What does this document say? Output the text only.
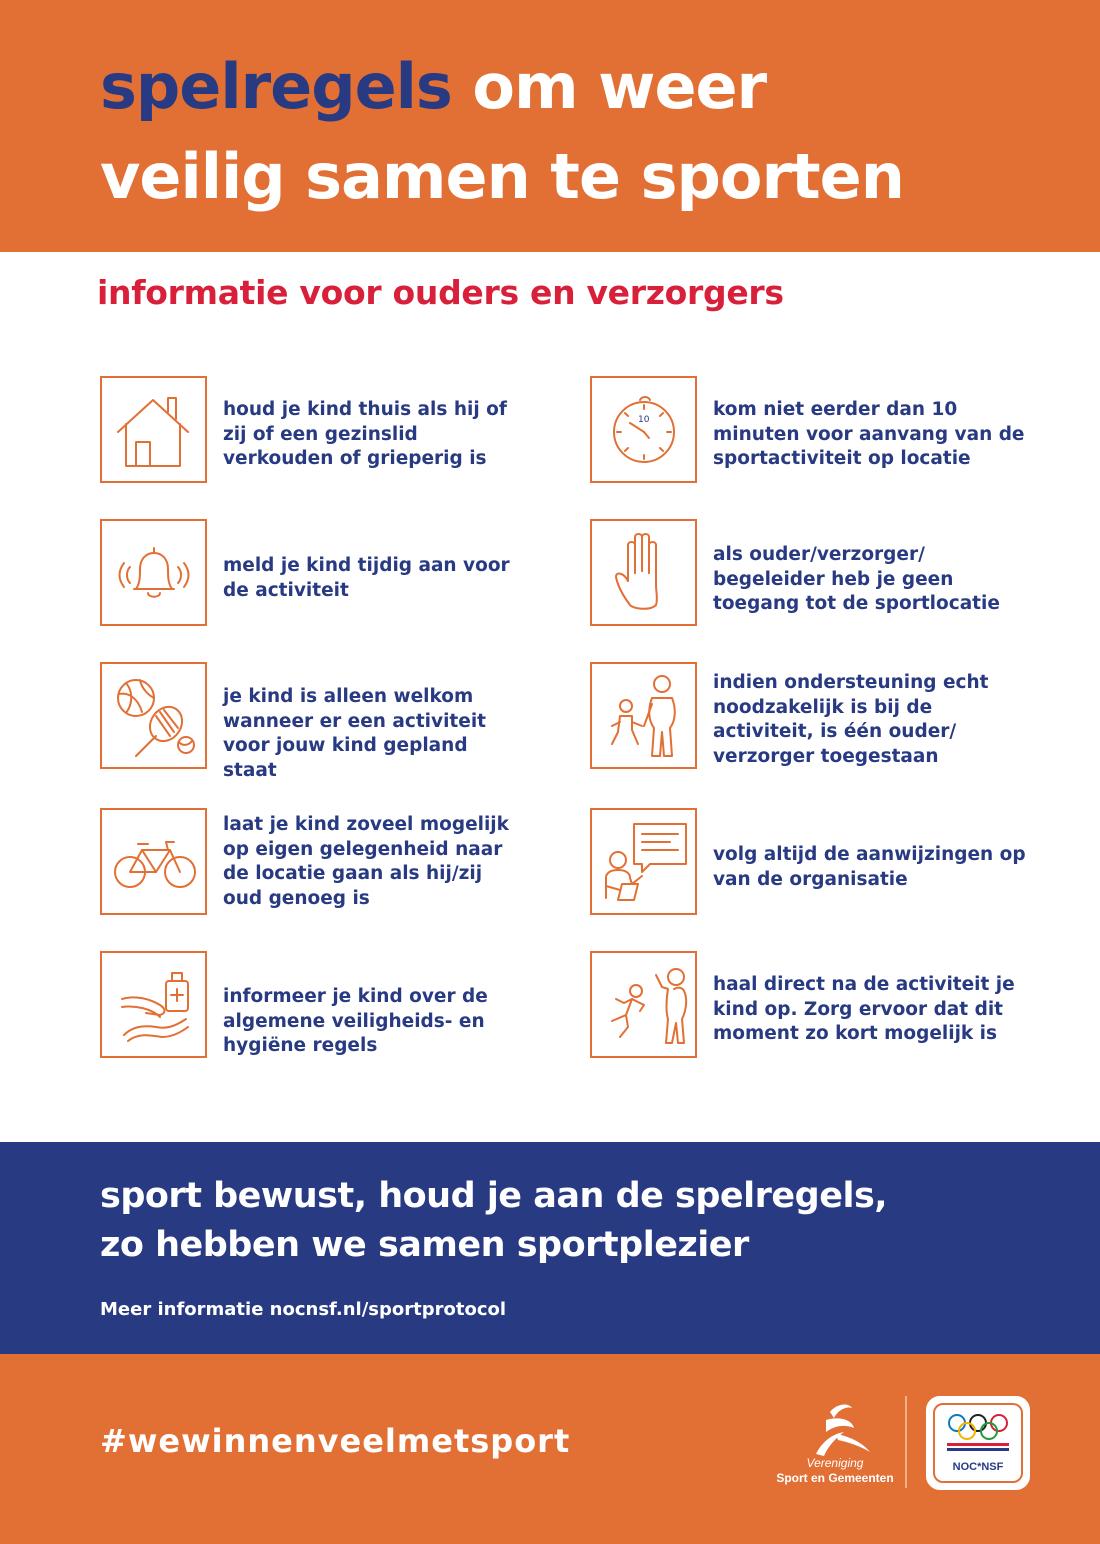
spelregels om weer
veilig samen te sporten
informatie voor ouders en verzorgers
houd je kind thuis als hij of zij of een gezinslid verkouden of grieperig is
meld je kind tijdig aan voor de activiteit
je kind is alleen welkom wanneer er een activiteit voor jouw kind gepland staat
laat je kind zoveel mogelijk op eigen gelegenheid naar de locatie gaan als hij/zij oud genoeg is
informeer je kind over de algemene veiligheids- en hygiëne regels
10	kom niet eerder dan 10 minuten voor aanvang van de sportactiviteit op locatie
als ouder/verzorger/ begeleider heb je geen toegang tot de sportlocatie
indien ondersteuning echt noodzakelijk is bij de activiteit, is één ouder/ verzorger toegestaan
volg altijd de aanwijzingen op van de organisatie
haal direct na de activiteit je kind op. Zorg ervoor dat dit moment zo kort mogelijk is
sport bewust, houd je aan de spelregels,
zo hebben we samen sportplezier
Meer informatie nocnsf.nl/sportprotocol
#wewinnenveelmetsport
Vereniging
Sport en Gemeenten
NOC*NSF
